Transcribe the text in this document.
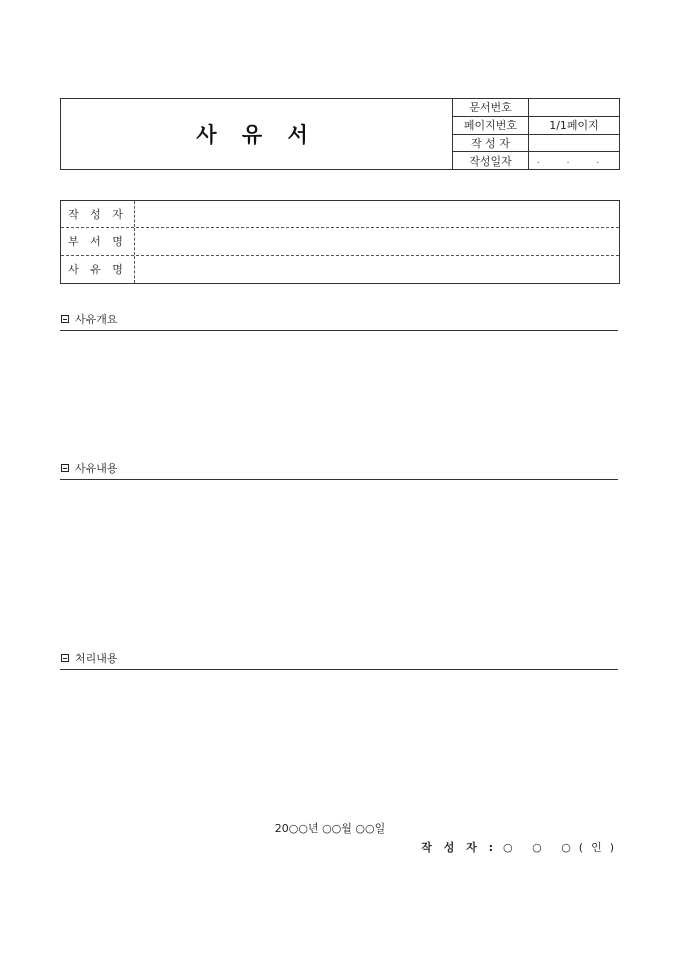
사 유 서
문서번호
페이지번호	1/1페이지
작 성 자
작성일자	. . .
작 성 자
부 서 명
사 유 명
사유개요
사유내용
처리내용
20○○년 ○○월 ○○일
작 성 자 : ○ ○ ○(인)
